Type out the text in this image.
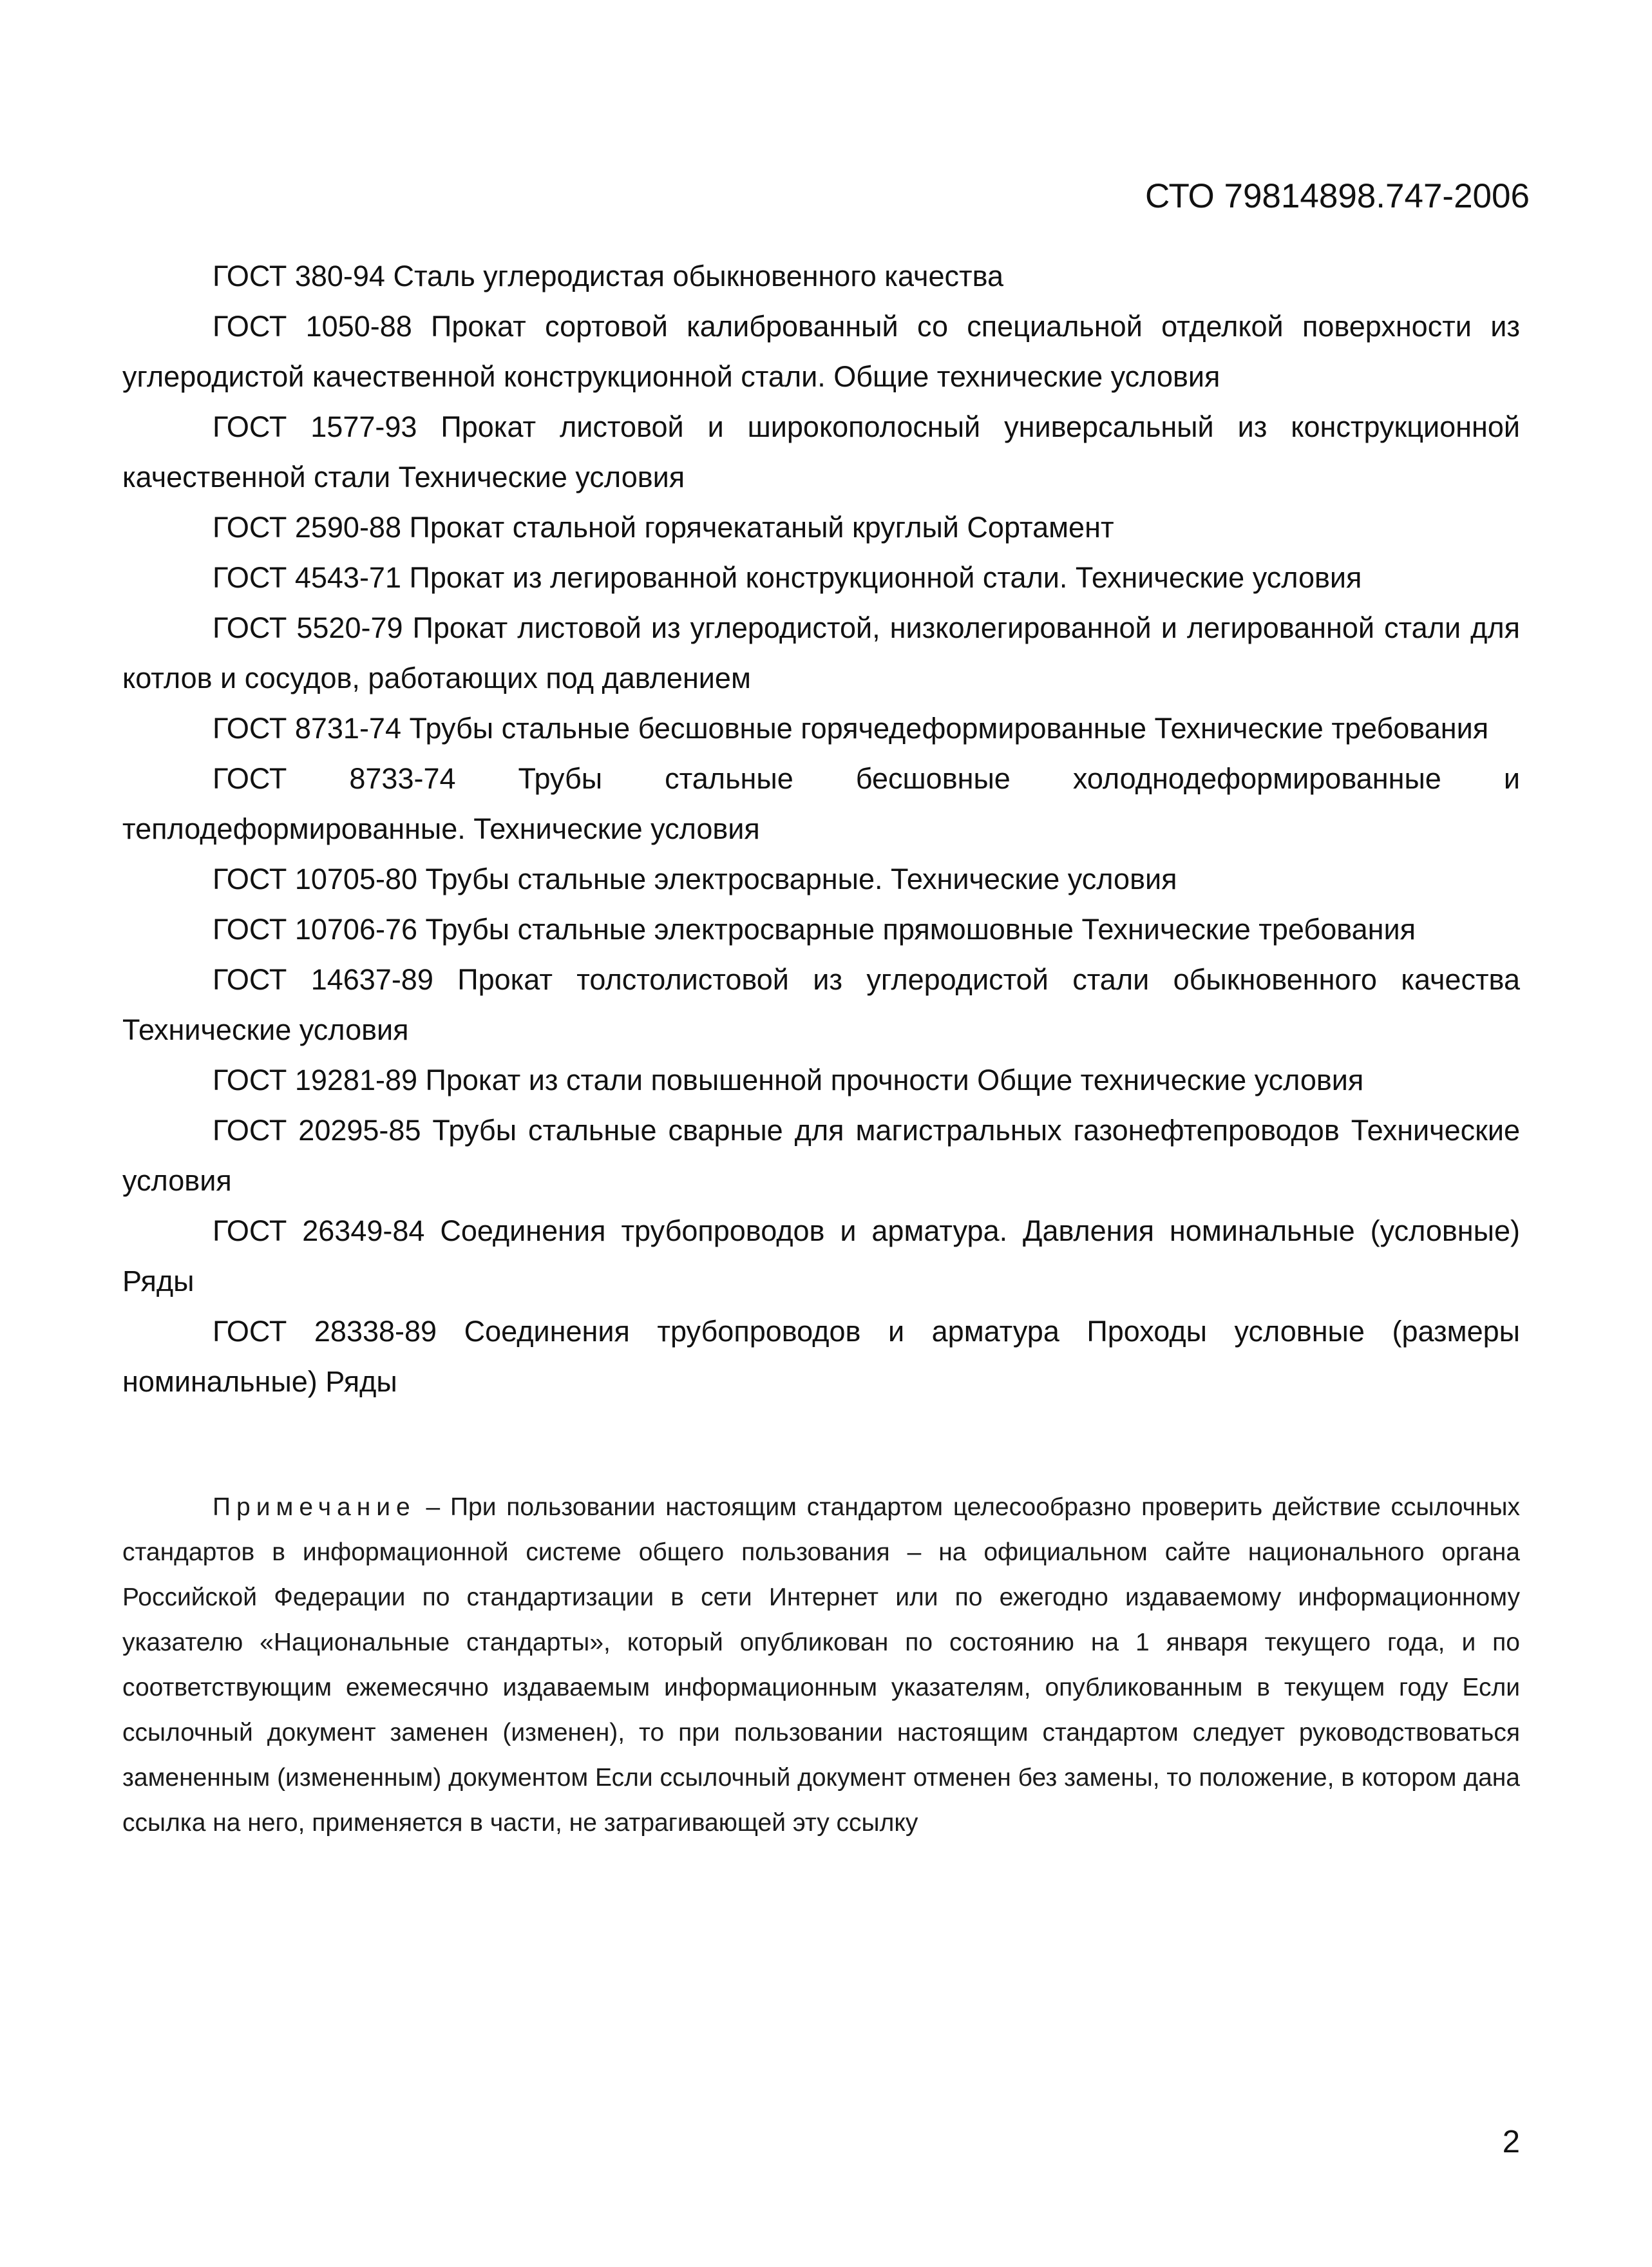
СТО 79814898.747-2006

ГОСТ 380-94 Сталь углеродистая обыкновенного качества

ГОСТ 1050-88 Прокат сортовой калиброванный со специальной отделкой поверхности из углеродистой качественной конструкционной стали. Общие технические условия

ГОСТ 1577-93 Прокат листовой и широкополосный универсальный из конструкционной качественной стали Технические условия

ГОСТ 2590-88 Прокат стальной горячекатаный круглый Сортамент

ГОСТ 4543-71 Прокат из легированной конструкционной стали. Технические условия

ГОСТ 5520-79 Прокат листовой из углеродистой, низколегированной и легированной стали для котлов и сосудов, работающих под давлением

ГОСТ 8731-74 Трубы стальные бесшовные горячедеформированные Технические требования

ГОСТ 8733-74 Трубы стальные бесшовные холоднодеформированные и теплодеформированные. Технические условия

ГОСТ 10705-80 Трубы стальные электросварные. Технические условия

ГОСТ 10706-76 Трубы стальные электросварные прямошовные Технические требования

ГОСТ 14637-89 Прокат толстолистовой из углеродистой стали обыкновенного качества Технические условия

ГОСТ 19281-89 Прокат из стали повышенной прочности Общие технические условия

ГОСТ 20295-85 Трубы стальные сварные для магистральных газонефтепроводов Технические условия

ГОСТ 26349-84 Соединения трубопроводов и арматура. Давления номинальные (условные) Ряды

ГОСТ 28338-89 Соединения трубопроводов и арматура Проходы условные (размеры номинальные) Ряды

Примечание – При пользовании настоящим стандартом целесообразно проверить действие ссылочных стандартов в информационной системе общего пользования – на официальном сайте национального органа Российской Федерации по стандартизации в сети Интернет или по ежегодно издаваемому информационному указателю «Национальные стандарты», который опубликован по состоянию на 1 января текущего года, и по соответствующим ежемесячно издаваемым информационным указателям, опубликованным в текущем году Если ссылочный документ заменен (изменен), то при пользовании настоящим стандартом следует руководствоваться замененным (измененным) документом Если ссылочный документ отменен без замены, то положение, в котором дана ссылка на него, применяется в части, не затрагивающей эту ссылку

2
